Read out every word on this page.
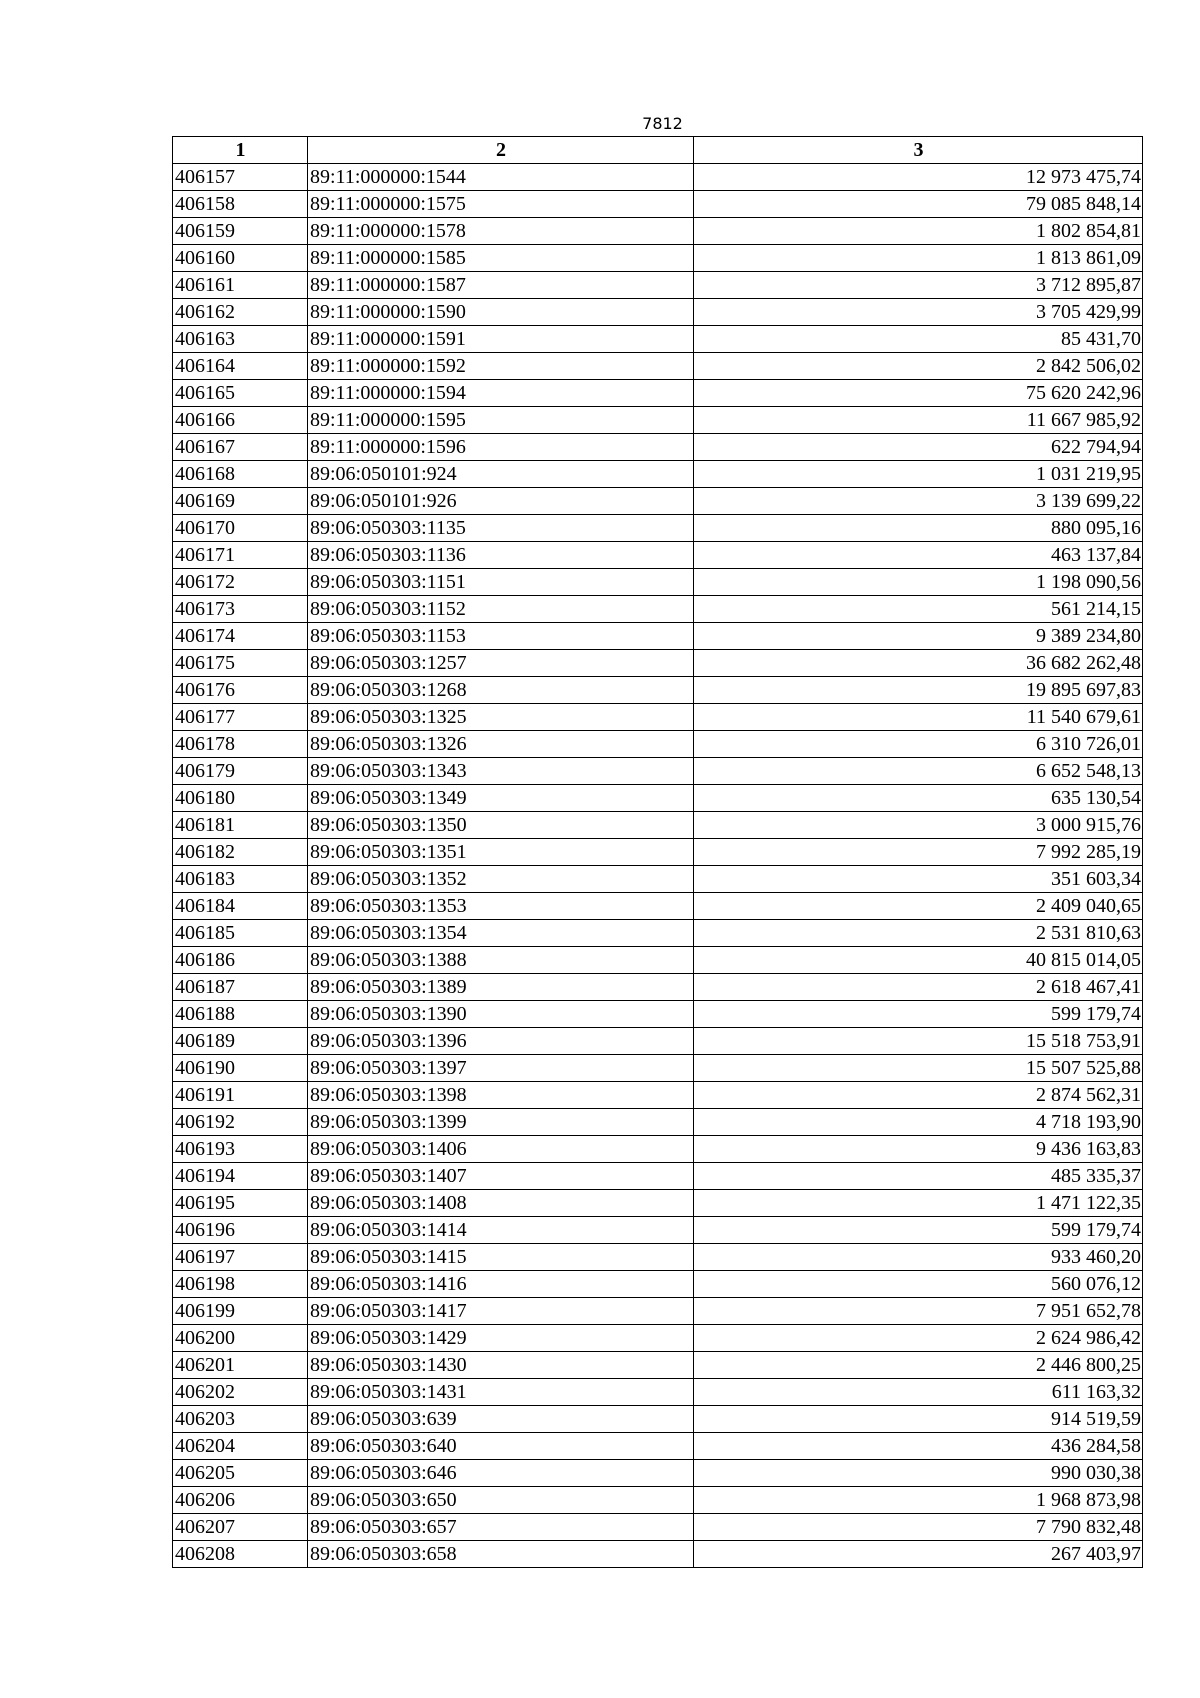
7812
1	2	3
406157	89:11:000000:1544	12 973 475,74
406158	89:11:000000:1575	79 085 848,14
406159	89:11:000000:1578	1 802 854,81
406160	89:11:000000:1585	1 813 861,09
406161	89:11:000000:1587	3 712 895,87
406162	89:11:000000:1590	3 705 429,99
406163	89:11:000000:1591	85 431,70
406164	89:11:000000:1592	2 842 506,02
406165	89:11:000000:1594	75 620 242,96
406166	89:11:000000:1595	11 667 985,92
406167	89:11:000000:1596	622 794,94
406168	89:06:050101:924	1 031 219,95
406169	89:06:050101:926	3 139 699,22
406170	89:06:050303:1135	880 095,16
406171	89:06:050303:1136	463 137,84
406172	89:06:050303:1151	1 198 090,56
406173	89:06:050303:1152	561 214,15
406174	89:06:050303:1153	9 389 234,80
406175	89:06:050303:1257	36 682 262,48
406176	89:06:050303:1268	19 895 697,83
406177	89:06:050303:1325	11 540 679,61
406178	89:06:050303:1326	6 310 726,01
406179	89:06:050303:1343	6 652 548,13
406180	89:06:050303:1349	635 130,54
406181	89:06:050303:1350	3 000 915,76
406182	89:06:050303:1351	7 992 285,19
406183	89:06:050303:1352	351 603,34
406184	89:06:050303:1353	2 409 040,65
406185	89:06:050303:1354	2 531 810,63
406186	89:06:050303:1388	40 815 014,05
406187	89:06:050303:1389	2 618 467,41
406188	89:06:050303:1390	599 179,74
406189	89:06:050303:1396	15 518 753,91
406190	89:06:050303:1397	15 507 525,88
406191	89:06:050303:1398	2 874 562,31
406192	89:06:050303:1399	4 718 193,90
406193	89:06:050303:1406	9 436 163,83
406194	89:06:050303:1407	485 335,37
406195	89:06:050303:1408	1 471 122,35
406196	89:06:050303:1414	599 179,74
406197	89:06:050303:1415	933 460,20
406198	89:06:050303:1416	560 076,12
406199	89:06:050303:1417	7 951 652,78
406200	89:06:050303:1429	2 624 986,42
406201	89:06:050303:1430	2 446 800,25
406202	89:06:050303:1431	611 163,32
406203	89:06:050303:639	914 519,59
406204	89:06:050303:640	436 284,58
406205	89:06:050303:646	990 030,38
406206	89:06:050303:650	1 968 873,98
406207	89:06:050303:657	7 790 832,48
406208	89:06:050303:658	267 403,97
